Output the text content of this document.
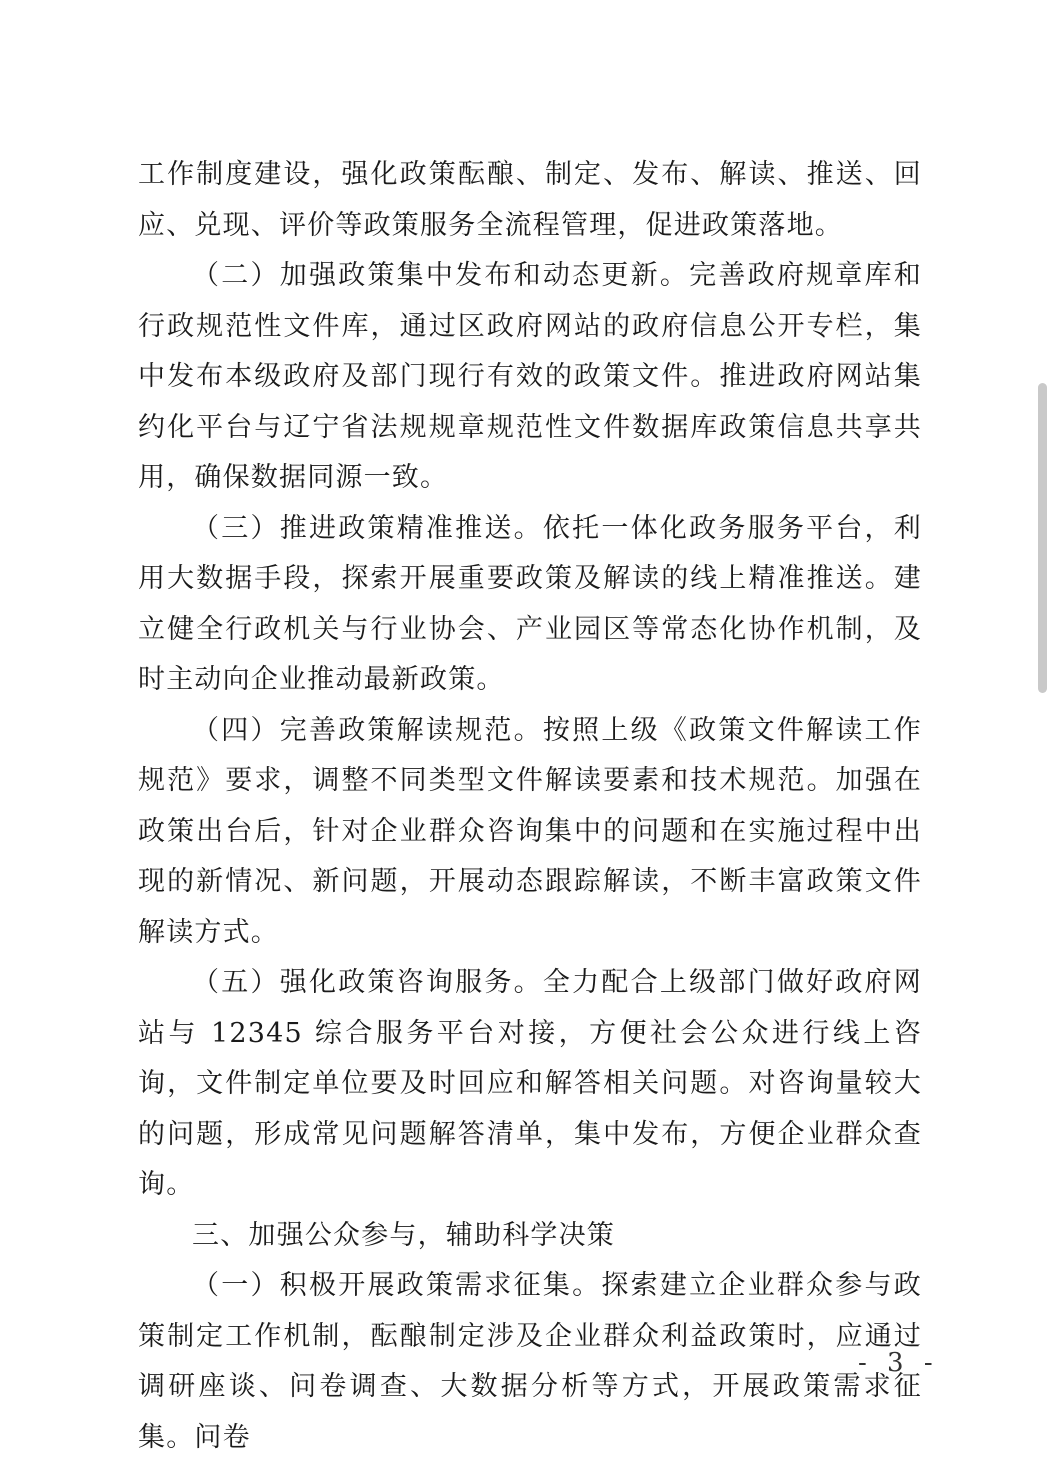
工作制度建设，强化政策酝酿、制定、发布、解读、推送、回应、兑现、评价等政策服务全流程管理，促进政策落地。

（二）加强政策集中发布和动态更新。完善政府规章库和行政规范性文件库，通过区政府网站的政府信息公开专栏，集中发布本级政府及部门现行有效的政策文件。推进政府网站集约化平台与辽宁省法规规章规范性文件数据库政策信息共享共用，确保数据同源一致。

（三）推进政策精准推送。依托一体化政务服务平台，利用大数据手段，探索开展重要政策及解读的线上精准推送。建立健全行政机关与行业协会、产业园区等常态化协作机制，及时主动向企业推动最新政策。

（四）完善政策解读规范。按照上级《政策文件解读工作规范》要求，调整不同类型文件解读要素和技术规范。加强在政策出台后，针对企业群众咨询集中的问题和在实施过程中出现的新情况、新问题，开展动态跟踪解读，不断丰富政策文件解读方式。

（五）强化政策咨询服务。全力配合上级部门做好政府网站与 12345 综合服务平台对接，方便社会公众进行线上咨询，文件制定单位要及时回应和解答相关问题。对咨询量较大的问题，形成常见问题解答清单，集中发布，方便企业群众查询。

三、加强公众参与，辅助科学决策

（一）积极开展政策需求征集。探索建立企业群众参与政策制定工作机制，酝酿制定涉及企业群众利益政策时，应通过调研座谈、问卷调查、大数据分析等方式，开展政策需求征集。问卷

- 3 -
